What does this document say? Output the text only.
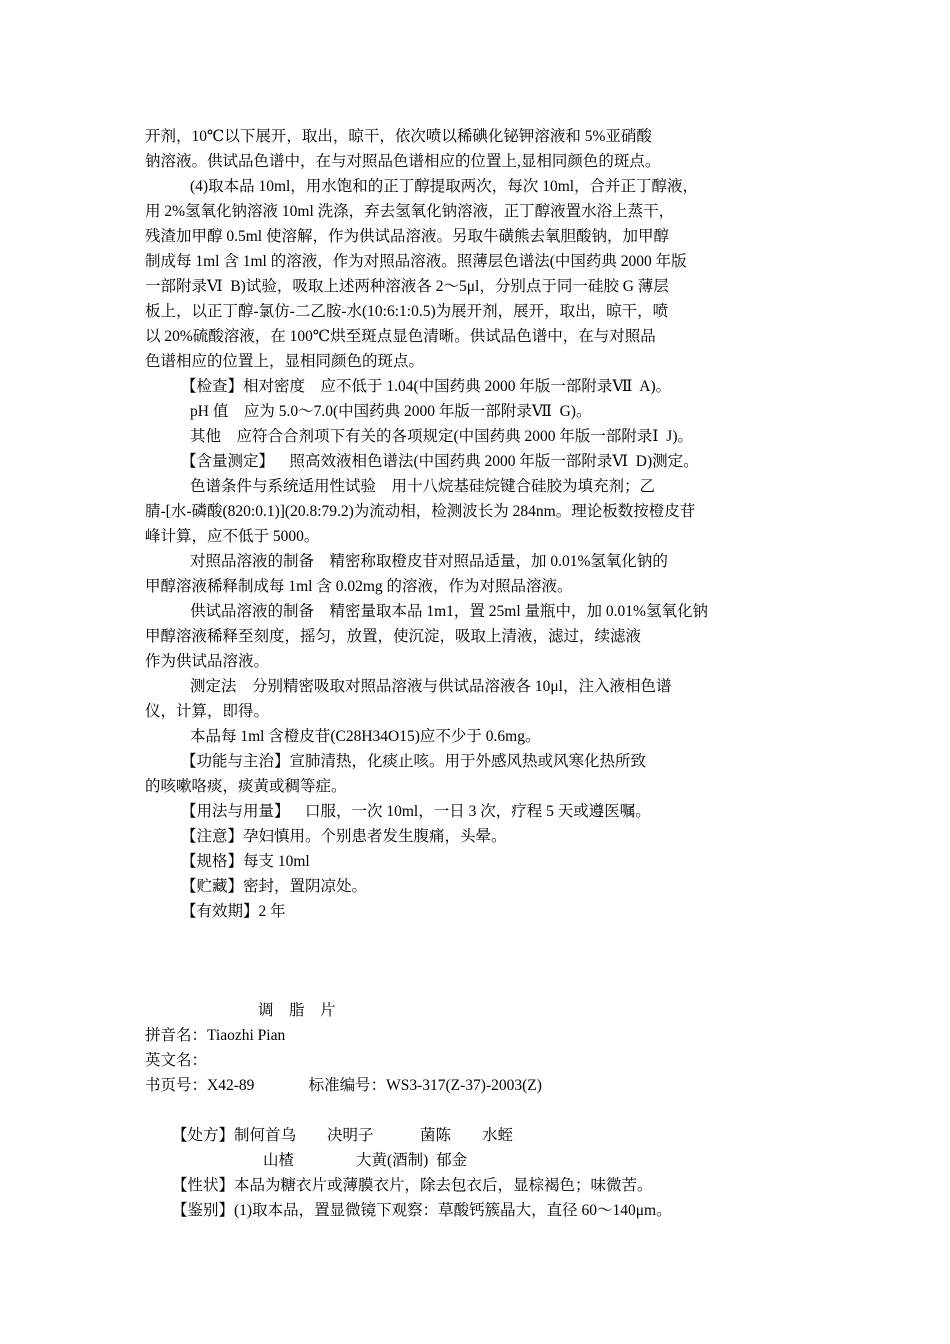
开剂，10℃以下展开，取出，晾干，依次喷以稀碘化铋钾溶液和 5%亚硝酸
钠溶液。供试品色谱中，在与对照品色谱相应的位置上,显相同颜色的斑点。
(4)取本品 10ml，用水饱和的正丁醇提取两次，每次 10ml，合并正丁醇液，
用 2%氢氧化钠溶液 10ml 洗涤，弃去氢氧化钠溶液，正丁醇液置水浴上蒸干，
残渣加甲醇 0.5ml 使溶解，作为供试品溶液。另取牛磺熊去氧胆酸钠，加甲醇
制成每 1ml 含 1ml 的溶液，作为对照品溶液。照薄层色谱法(中国药典 2000 年版
一部附录Ⅵ  B)试验，吸取上述两种溶液各 2～5μl，分别点于同一硅胶 G 薄层
板上，以正丁醇-氯仿-二乙胺-水(10:6:1:0.5)为展开剂，展开，取出，晾干，喷
以 20%硫酸溶液，在 100℃烘至斑点显色清晰。供试品色谱中，在与对照品
色谱相应的位置上，显相同颜色的斑点。
【检查】相对密度    应不低于 1.04(中国药典 2000 年版一部附录Ⅶ  A)。
pH 值    应为 5.0～7.0(中国药典 2000 年版一部附录Ⅶ  G)。
其他    应符合合剂项下有关的各项规定(中国药典 2000 年版一部附录Ⅰ  J)。
【含量测定】    照高效液相色谱法(中国药典 2000 年版一部附录Ⅵ  D)测定。
色谱条件与系统适用性试验    用十八烷基硅烷键合硅胶为填充剂；乙
腈-[水-磷酸(820:0.1)](20.8:79.2)为流动相，检测波长为 284nm。理论板数按橙皮苷
峰计算，应不低于 5000。
对照品溶液的制备    精密称取橙皮苷对照品适量，加 0.01%氢氧化钠的
甲醇溶液稀释制成每 1ml 含 0.02mg 的溶液，作为对照品溶液。
供试品溶液的制备    精密量取本品 1m1，置 25ml 量瓶中，加 0.01%氢氧化钠
甲醇溶液稀释至刻度，摇匀，放置，使沉淀，吸取上清液，滤过，续滤液
作为供试品溶液。
测定法    分别精密吸取对照品溶液与供试品溶液各 10μl，注入液相色谱
仪，计算，即得。
本品每 1ml 含橙皮苷(C28H34O15)应不少于 0.6mg。
【功能与主治】宣肺清热，化痰止咳。用于外感风热或风寒化热所致
的咳嗽咯痰，痰黄或稠等症。
【用法与用量】    口服，一次 10ml，一日 3 次，疗程 5 天或遵医嘱。
【注意】孕妇慎用。个别患者发生腹痛，头晕。
【规格】每支 10ml
【贮藏】密封，置阴凉处。
【有效期】2 年
调    脂    片
拼音名：Tiaozhi Pian
英文名：
书页号：X42-89              标准编号：WS3-317(Z-37)-2003(Z)
【处方】制何首乌        决明子            菌陈        水蛭
山楂                大黄(酒制)  郁金
【性状】本品为糖衣片或薄膜衣片，除去包衣后，显棕褐色；味微苦。
【鉴别】(1)取本品，置显微镜下观察：草酸钙簇晶大，直径 60～140μm。
